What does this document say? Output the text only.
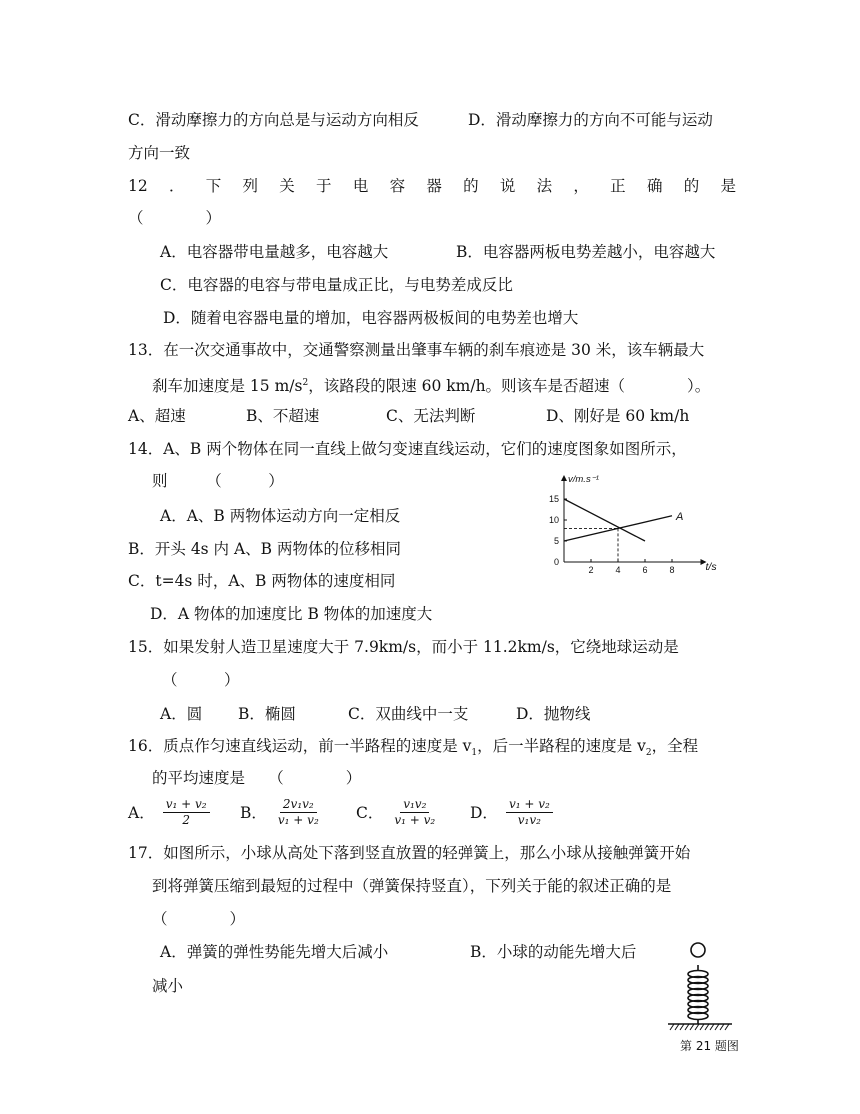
C．滑动摩擦力的方向总是与运动方向相反	D．滑动摩擦力的方向不可能与运动
方向一致
12 ． 下 列 关 于 电 容 器 的 说 法 ， 正 确 的 是
（　　　　）
A．电容器带电量越多，电容越大	B．电容器两板电势差越小，电容越大
C．电容器的电容与带电量成正比，与电势差成反比
D．随着电容器电量的增加，电容器两极板间的电势差也增大
13．在一次交通事故中，交通警察测量出肇事车辆的刹车痕迹是 30 米，该车辆最大
刹车加速度是 15 $m/s^2$，该路段的限速 60 km/h。则该车是否超速（　　　　）。
A、超速	B、不超速	C、无法判断	D、刚好是 60 km/h
14．A、B 两个物体在同一直线上做匀变速直线运动，它们的速度图象如图所示，
则　　　（　　　）
A．A、B 两物体运动方向一定相反
B．开头 4s 内 A、B 两物体的位移相同
C．t=4s 时，A、B 两物体的速度相同
D．A 物体的加速度比 B 物体的加速度大
2 4 6 8
0
5
10
15
A
v/m.s⁻¹
t/s
15．如果发射人造卫星速度大于 7.9km/s，而小于 11.2km/s，它绕地球运动是
（　　　）
A．圆 B．椭圆	C．双曲线中一支	D．抛物线
16．质点作匀速直线运动，前一半路程的速度是 $v_1$，后一半路程的速度是 $v_2$，全程
的平均速度是　　（　　　　）
A． $\frac{\text{v₁ + v₂}}{2}$ B． $\frac{\text{2v₁v₂}}{\text{v₁ + v₂}}$ C． $\frac{\text{v₁v₂}}{\text{v₁ + v₂}}$ D． $\frac{\text{v₁ + v₂}}{\text{v₁v₂}}$
17．如图所示，小球从高处下落到竖直放置的轻弹簧上，那么小球从接触弹簧开始
到将弹簧压缩到最短的过程中（弹簧保持竖直），下列关于能的叙述正确的是
（　　　　）
A．弹簧的弹性势能先增大后减小	B．小球的动能先增大后
减小
第 21 题图
